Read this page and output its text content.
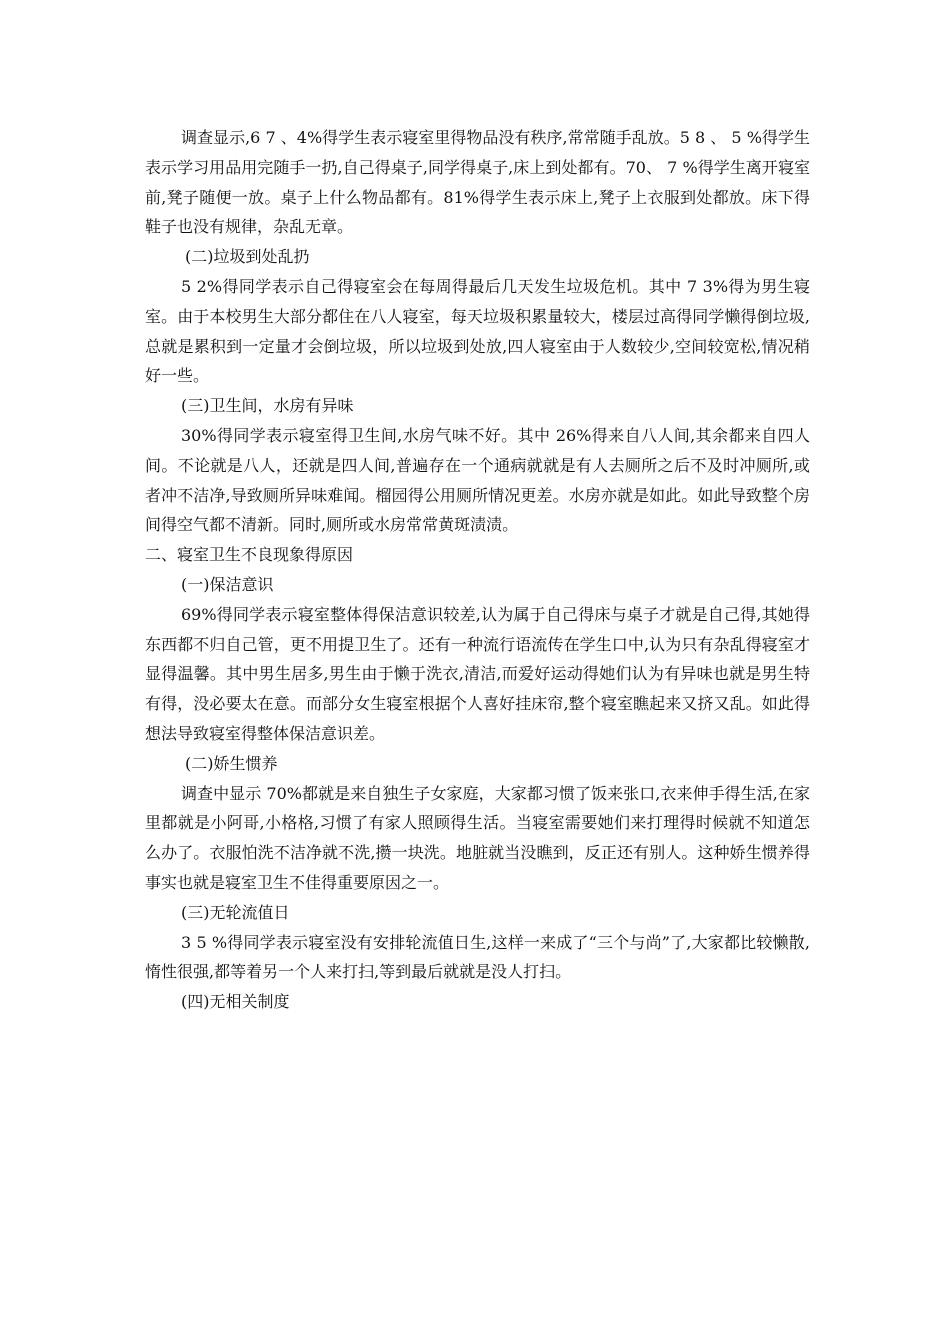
调查显示,6 7 、4%得学生表示寝室里得物品没有秩序,常常随手乱放。5 8 、 5 %得学生表示学习用品用完随手一扔,自己得桌子,同学得桌子,床上到处都有。70、 7 %得学生离开寝室前,凳子随便一放。桌子上什么物品都有。81%得学生表示床上,凳子上衣服到处都放。床下得鞋子也没有规律，杂乱无章。

(二)垃圾到处乱扔

5 2%得同学表示自己得寝室会在每周得最后几天发生垃圾危机。其中 7 3%得为男生寝室。由于本校男生大部分都住在八人寝室，每天垃圾积累量较大，楼层过高得同学懒得倒垃圾,总就是累积到一定量才会倒垃圾，所以垃圾到处放,四人寝室由于人数较少,空间较宽松,情况稍好一些。

(三)卫生间，水房有异味

30%得同学表示寝室得卫生间,水房气味不好。其中 26%得来自八人间,其余都来自四人间。不论就是八人，还就是四人间,普遍存在一个通病就就是有人去厕所之后不及时冲厕所,或者冲不洁净,导致厕所异味难闻。榴园得公用厕所情况更差。水房亦就是如此。如此导致整个房间得空气都不清新。同时,厕所或水房常常黄斑渍渍。

二、寝室卫生不良现象得原因

(一)保洁意识

69%得同学表示寝室整体得保洁意识较差,认为属于自己得床与桌子才就是自己得,其她得东西都不归自己管，更不用提卫生了。还有一种流行语流传在学生口中,认为只有杂乱得寝室才显得温馨。其中男生居多,男生由于懒于洗衣,清洁,而爱好运动得她们认为有异味也就是男生特有得，没必要太在意。而部分女生寝室根据个人喜好挂床帘,整个寝室瞧起来又挤又乱。如此得想法导致寝室得整体保洁意识差。

(二)娇生惯养

调查中显示 70%都就是来自独生子女家庭，大家都习惯了饭来张口,衣来伸手得生活,在家里都就是小阿哥,小格格,习惯了有家人照顾得生活。当寝室需要她们来打理得时候就不知道怎么办了。衣服怕洗不洁净就不洗,攒一块洗。地脏就当没瞧到，反正还有别人。这种娇生惯养得事实也就是寝室卫生不佳得重要原因之一。

(三)无轮流值日

3 5 %得同学表示寝室没有安排轮流值日生,这样一来成了“三个与尚”了,大家都比较懒散,惰性很强,都等着另一个人来打扫,等到最后就就是没人打扫。

(四)无相关制度
